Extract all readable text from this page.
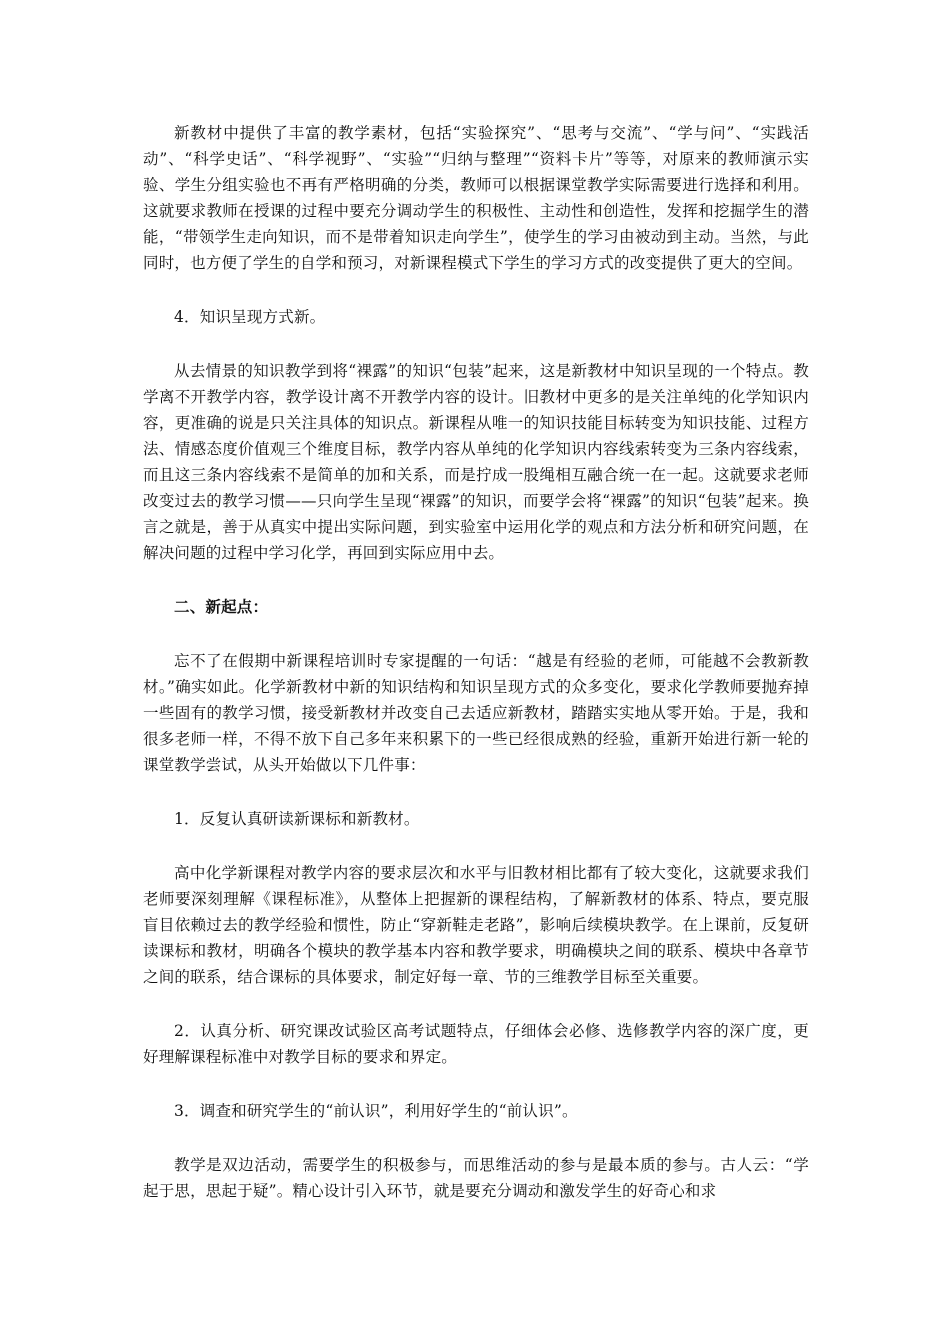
新教材中提供了丰富的教学素材，包括“实验探究”、“思考与交流”、“学与问”、“实践活动”、“科学史话”、“科学视野”、“实验”“归纳与整理”“资料卡片”等等，对原来的教师演示实验、学生分组实验也不再有严格明确的分类，教师可以根据课堂教学实际需要进行选择和利用。这就要求教师在授课的过程中要充分调动学生的积极性、主动性和创造性，发挥和挖掘学生的潜能，“带领学生走向知识，而不是带着知识走向学生”，使学生的学习由被动到主动。当然，与此同时，也方便了学生的自学和预习，对新课程模式下学生的学习方式的改变提供了更大的空间。

4．知识呈现方式新。

从去情景的知识教学到将“裸露”的知识“包装”起来，这是新教材中知识呈现的一个特点。教学离不开教学内容，教学设计离不开教学内容的设计。旧教材中更多的是关注单纯的化学知识内容，更准确的说是只关注具体的知识点。新课程从唯一的知识技能目标转变为知识技能、过程方法、情感态度价值观三个维度目标，教学内容从单纯的化学知识内容线索转变为三条内容线索，而且这三条内容线索不是简单的加和关系，而是拧成一股绳相互融合统一在一起。这就要求老师改变过去的教学习惯——只向学生呈现“裸露”的知识，而要学会将“裸露”的知识“包装”起来。换言之就是，善于从真实中提出实际问题，到实验室中运用化学的观点和方法分析和研究问题，在解决问题的过程中学习化学，再回到实际应用中去。

二、新起点：

忘不了在假期中新课程培训时专家提醒的一句话：“越是有经验的老师，可能越不会教新教材。”确实如此。化学新教材中新的知识结构和知识呈现方式的众多变化，要求化学教师要抛弃掉一些固有的教学习惯，接受新教材并改变自己去适应新教材，踏踏实实地从零开始。于是，我和很多老师一样，不得不放下自己多年来积累下的一些已经很成熟的经验，重新开始进行新一轮的课堂教学尝试，从头开始做以下几件事：

1．反复认真研读新课标和新教材。

高中化学新课程对教学内容的要求层次和水平与旧教材相比都有了较大变化，这就要求我们老师要深刻理解《课程标准》，从整体上把握新的课程结构，了解新教材的体系、特点，要克服盲目依赖过去的教学经验和惯性，防止“穿新鞋走老路”，影响后续模块教学。在上课前，反复研读课标和教材，明确各个模块的教学基本内容和教学要求，明确模块之间的联系、模块中各章节之间的联系，结合课标的具体要求，制定好每一章、节的三维教学目标至关重要。

2．认真分析、研究课改试验区高考试题特点，仔细体会必修、选修教学内容的深广度，更好理解课程标准中对教学目标的要求和界定。

3．调查和研究学生的“前认识”，利用好学生的“前认识”。

教学是双边活动，需要学生的积极参与，而思维活动的参与是最本质的参与。古人云：“学起于思，思起于疑”。精心设计引入环节，就是要充分调动和激发学生的好奇心和求
